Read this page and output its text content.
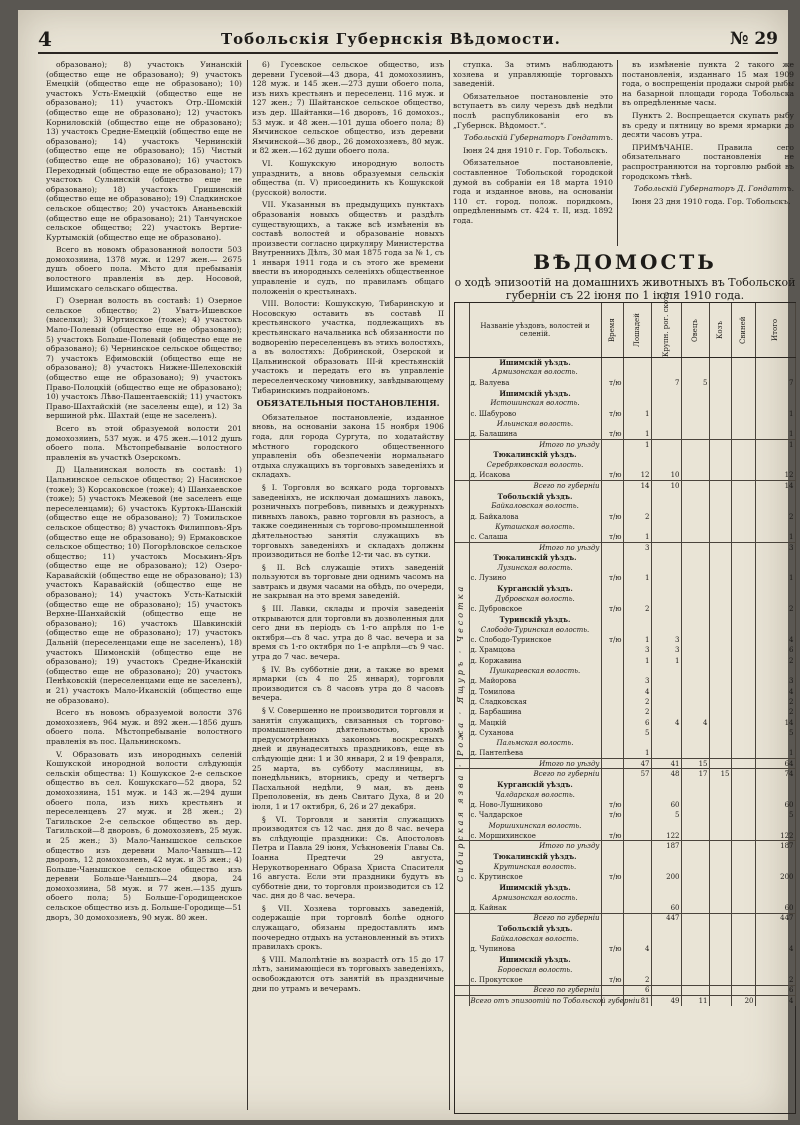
4	Тобольскія Губернскія Вѣдомости.	№ 29

образовано); 8) участокъ Уинанскій (общество еще не образовано); 9) участокъ Емецкій (общество еще не образовано); 10) участокъ Усть-Емецкій (общество еще не образовано); 11) участокъ Отр.-Шомскій (общество еще не образовано); 12) участокъ Корниловскій (общество еще не образовано); 13) участокъ Средне-Емецкій (общество еще не образовано); 14) участокъ Чернинскій (общество еще не образовано); 15) Чистый (общество еще не образовано); 16) участокъ Переходный (общество еще не образовано); 17) участокъ Сульинскій (общество еще не образовано); 18) участокъ Гришинскій (общество еще не образовано); 19) Сладкинское сельское общество; 20) участокъ Ананьевскій (общество еще не образовано); 21) Танчунское сельское общество; 22) участокъ Вертие-Куртымскій (общество еще не образовано).

Всего въ новомъ образованной волости 503 домохозяина, 1378 муж. и 1297 жен.— 2675 душъ обоего пола. Мѣсто для пребыванія волостного правленія въ дер. Носовой, Ишимскаго сельскаго общества.

Г) Озерная волость въ составѣ: 1) Озерное сельское общество; 2) Уватъ-Ишевское (выселки); 3) Юртинское (тоже); 4) участокъ Мало-Полевый (общество еще не образовано); 5) участокъ Больше-Полевый (общество еще не образовано); 6) Чернинское сельское общество; 7) участокъ Ефимовскій (общество еще не образовано); 8) участокъ Нижне-Шелеховскій (общество еще не образовано); 9) участокъ Право-Полоцкій (общество еще не образовано); 10) участокъ Лѣво-Пашентаевскій; 11) участокъ Право-Шахтайскій (не заселены еще), и 12) За вершиной рѣк. Шахтай (еще не заселенъ).

Всего въ этой образуемой волости 201 домохозяинъ, 537 муж. и 475 жен.—1012 душъ обоего пола. Мѣстопребываніе волостного правленія въ участкѣ Озерскомъ.

Д) Цальнинская волость въ составѣ: 1) Цальнинское сельское общество; 2) Насинское (тоже); 3) Корсаковское (тоже); 4) Шанхаевское (тоже); 5) участокъ Межевой (не заселенъ еще переселенцами); 6) участокъ Куртокъ-Шанскій (общество еще не образовано); 7) Томильское сельское общество; 8) участокъ Филипповъ-Яръ (общество еще не образовано); 9) Ермаковское сельское общество; 10) Погорѣловское сельское общество; 11) участокъ Моськинъ-Яръ (общество еще не образовано); 12) Озеро-Каравайскій (общество еще не образовано); 13) участокъ Каравайскій (общество еще не образовано); 14) участокъ Усть-Катыскій (общество еще не образовано); 15) участокъ Верхне-Шанхайскій (общество еще не образовано); 16) участокъ Шавкинскій (общество еще не образовано); 17) участокъ Дальній (переселенцами еще не заселенъ), 18) участокъ Шимонскій (общество еще не образовано); 19) участокъ Средне-Иканскій (общество еще не образовано); 20) участокъ Пенѣковскій (переселенцами еще не заселенъ), и 21) участокъ Мало-Иканскій (общество еще не образовано).

Всего въ новомъ образуемой волости 376 домохозяевъ, 964 муж. и 892 жен.—1856 душъ обоего пола. Мѣстопребываніе волостного правленія въ пос. Цальнинскомъ.

V. Образовать изъ инородныхъ селеній Кошукской инородной волости слѣдующія сельскія общества: 1) Кошукское 2-е сельское общество въ сел. Кошукскаго—52 двора, 52 домохозяина, 151 муж. и 143 ж.—294 души обоего пола, изъ нихъ крестьянъ и переселенцевъ 27 муж. и 28 жен.; 2) Тагильское 2-е сельское общество въ дер. Тагильской—8 дворовъ, 6 домохозяевъ, 25 муж. и 25 жен.; 3) Мало-Чанышское сельское общество изъ деревни Мало-Чанышъ—12 дворовъ, 12 домохозяевъ, 42 муж. и 35 жен.; 4) Больше-Чанышское сельское общество изъ деревни Больше-Чанышъ—24 двора, 24 домохозяина, 58 муж. и 77 жен.—135 душъ обоего пола; 5) Больше-Городищенское сельское общество изъ д. Больше-Городище—51 дворъ, 30 домохозяевъ, 90 муж. 80 жен.

6) Гусевское сельское общество, изъ деревни Гусевой—43 двора, 41 домохозяинъ, 128 муж. и 145 жен.—273 души обоего пола, изъ нихъ крестьянъ и переселенц. 116 муж. и 127 жен.; 7) Шайтанское сельское общество, изъ дер. Шайтанки—16 дворовъ, 16 домохоз., 53 муж. и 48 жен.—101 душа обоего пола; 8) Ямчинское сельское общество, изъ деревни Ямчинской—36 двор., 26 домохозяевъ, 80 муж. и 82 жен.—162 души обоего пола.

VI. Кошукскую инородную волость упразднить, а вновь образуемыя сельскія общества (п. V) присоединить къ Кошукской (русской) волости.

VII. Указанныя въ предыдущихъ пунктахъ образованія новыхъ обществъ и раздѣлъ существующихъ, а также всѣ измѣненія въ составѣ волостей и образованіе новыхъ произвести согласно циркуляру Министерства Внутреннихъ Дѣлъ, 30 мая 1875 года за № 1, съ 1 января 1911 года и съ этого же времени ввести въ инородныхъ селеніяхъ общественное управленіе и судъ, по правиламъ общаго положенія о крестьянахъ.

VIII. Волости: Кошукскую, Тибаринскую и Носовскую оставить въ составѣ II крестьянского участка, подлежащихъ въ крестьянскаго начальника всѣ обязанности по водворенію переселенцевъ въ этихъ волостяхъ, а въ волостяхъ: Добринской, Озерской и Цальнинской образовать III-й крестьянскій участокъ и передать его въ управленіе переселенческому чиновнику, завѣдывающему Тибаринскимъ подрайономъ.

ОБЯЗАТЕЛЬНЫЯ ПОСТАНОВЛЕНІЯ.

Обязательное постановленіе, изданное вновь, на основаніи закона 15 ноября 1906 года, для города Сургута, по ходатайству мѣстного городского общественного управленія объ обезпеченіи нормальнаго отдыха служащихъ въ торговыхъ заведеніяхъ и складахъ.

§ I. Торговля во всякаго рода торговыхъ заведеніяхъ, не исключая домашнихъ лавокъ, розничныхъ погребовъ, пивныхъ и дежурныхъ пивныхъ лавокъ, равно торговля въ разносъ, а также соединенныя съ торгово-промышленной дѣятельностью занятія служащихъ въ торговыхъ заведеніяхъ и складахъ должны производиться не болѣе 12-ти час. въ сутки.

§ II. Всѣ служащіе этихъ заведеній пользуются въ торговые дни однимъ часомъ на завтракъ и двумя часами на обѣдъ, по очереди, не закрывая на это время заведеній.

§ III. Лавки, склады и прочія заведенія открываются для торговли въ дозволенныя для сего дни въ періодъ съ 1-го апрѣля по 1-е октября—съ 8 час. утра до 8 час. вечера и за время съ 1-го октября по 1-е апрѣля—съ 9 час. утра до 7 час. вечера.

§ IV. Въ субботніе дни, а также во время ярмарки (съ 4 по 25 января), торговля производится съ 8 часовъ утра до 8 часовъ вечера.

§ V. Совершенно не производится торговля и занятія служащихъ, связанныя съ торгово-промышленною дѣятельностью, кромѣ предусмотрѣнныхъ закономъ воскресныхъ дней и двунадесятыхъ праздниковъ, еще въ слѣдующіе дни: 1 и 30 января, 2 и 19 февраля, 25 марта, въ субботу масляницы, въ понедѣльникъ, вторникъ, среду и четвергъ Пасхальной недѣли, 9 мая, въ день Преполовенія, въ день Святаго Духа, 8 и 20 іюля, 1 и 17 октября, 6, 26 и 27 декабря.

§ VI. Торговля и занятія служащихъ производятся съ 12 час. дня до 8 час. вечера въ слѣдующіе праздники: Св. Апостоловъ Петра и Павла 29 іюня, Усѣкновенія Главы Св. Іоанна Предтечи 29 августа, Нерукотвореннаго Образа Христа Спасителя 16 августа. Если эти праздники будутъ въ субботніе дни, то торговля производится съ 12 час. дня до 8 час. вечера.

§ VII. Хозяева торговыхъ заведеній, содержащіе при торговлѣ болѣе одного служащаго, обязаны предоставлять имъ поочередно отдыхъ на установленный въ этихъ правилахъ срокъ.

§ VIII. Малолѣтніе въ возрастѣ отъ 15 до 17 лѣтъ, занимающіеся въ торговыхъ заведеніяхъ, освобождаются отъ занятій въ праздничные дни по утрамъ и вечерамъ.

ступка. За этимъ наблюдаютъ хозяева и управляющіе торговыхъ заведеній.

Обязательное постановленіе это вступаетъ въ силу черезъ двѣ недѣли послѣ распубликованія его въ „Губернск. Вѣдомост.“.

Тобольскій Губернаторъ Гондаттъ.

Іюня 24 дня 1910 г. Гор. Тобольскъ.

Обязательное постановленіе, составленное Тобольской городской думой въ собраніи ея 18 марта 1910 года и изданное вновь, на основаніи 110 ст. город. полож. порядкомъ, опредѣленнымъ ст. 424 т. II, изд. 1892 года.

въ измѣненіе пункта 2 такого же постановленія, изданнаго 15 мая 1909 года, о воспрещеніи продажи сырой рыбы на базарной площади города Тобольска въ опредѣленные часы.

Пунктъ 2. Воспрещается скупать рыбу въ среду и пятницу во время ярмарки до десяти часовъ утра.

ПРИМѢЧАНІЕ. Правила сего обязательнаго постановленія не распространяются на торговлю рыбой въ городскомъ тѣнѣ.

Тобольскій Губернаторъ Д. Гондаттъ.

Іюня 23 дня 1910 года. Гор. Тобольскъ.

ВѢДОМОСТЬ
о ходѣ эпизоотій на домашнихъ животныхъ въ Тобольской губерніи съ 22 іюня по 1 іюля 1910 года.
	Названіе уѣздовъ, волостей и селеній.	Время	Лошадей	Крупн. рог. скота	Овецъ	Козъ	Свиней	Итого
	Ишимскій уѣздъ.							
	Армизонская волость.							
	д. Валуева	т/ю		7	5			7
	Ишимскій уѣздъ.							
	Истошинская волость.							
	с. Шабурово	т/ю	1					1
	Ильинская волость.							
	д. Балашина	т/ю	1					1
	Итого по уѣзду		1					1
	Тюкалинскій уѣздъ.							
	Серебряковская волость.							
	д. Исакова	т/ю	12	10				12
	Всего по губерніи		14	10				14
	Тобольскій уѣздъ.							
	Байкаловская волость.							
	д. Байкалова	т/ю	2					2
	Куташская волость.							
	с. Салаша	т/ю	1					1
	Итого по уѣзду		3					3
	Тюкалинскій уѣздъ.							
	Лузинская волость.							
	с. Лузино	т/ю	1					1
	Курганскій уѣздъ.							
	Дубровская волость.							
	с. Дубровское	т/ю	2					2
	Туринскій уѣздъ.							
	Слободо-Туринская волость.							
	с. Слободо-Туринское	т/ю	1	3				4
	д. Храмцова		3	3				6
	д. Коржавина		1	1				2
	Пушкаревская волость.							
	д. Майорова		3					3
	д. Томилова		4					4
	д. Сладковская		2					2
	д. Барбашина		2					2
	д. Мацкій		6	4	4			14
	д. Суханова		5					5
	Пальмская волость.							
	д. Пантелѣева		1					1
	Итого по уѣзду		47	41	15			64
	Всего по губерніи		57	48	17	15		74
	Курганскій уѣздъ.							
	Чалдарская волость.							
	д. Ново-Лушниково	т/ю		60				60
	с. Чалдарское	т/ю		5				5
	Моршихинская волость.							
	с. Моршихинское	т/ю		122				122
	Итого по уѣзду			187				187
	Тюкалинскій уѣздъ.							
	Крутинская волость.							
	с. Крутинское	т/ю		200				200
	Ишимскій уѣздъ.							
	Армизонская волость.							
	д. Кайнак			60				60
	Всего по губерніи			447				447
	Тобольскій уѣздъ.							
	Байкаловская волость.							
	д. Чупинова	т/ю	4					4
	Ишимскій уѣздъ.							
	Боровская волость.							
	с. Прокутское	т/ю	2					2
	Всего по губерніи		6					6
	Всего отъ эпизоотій по Тобольской губерніи		81	49	11		20	4
Сибирская язва · Рожа · Ящуръ · Чесотка
